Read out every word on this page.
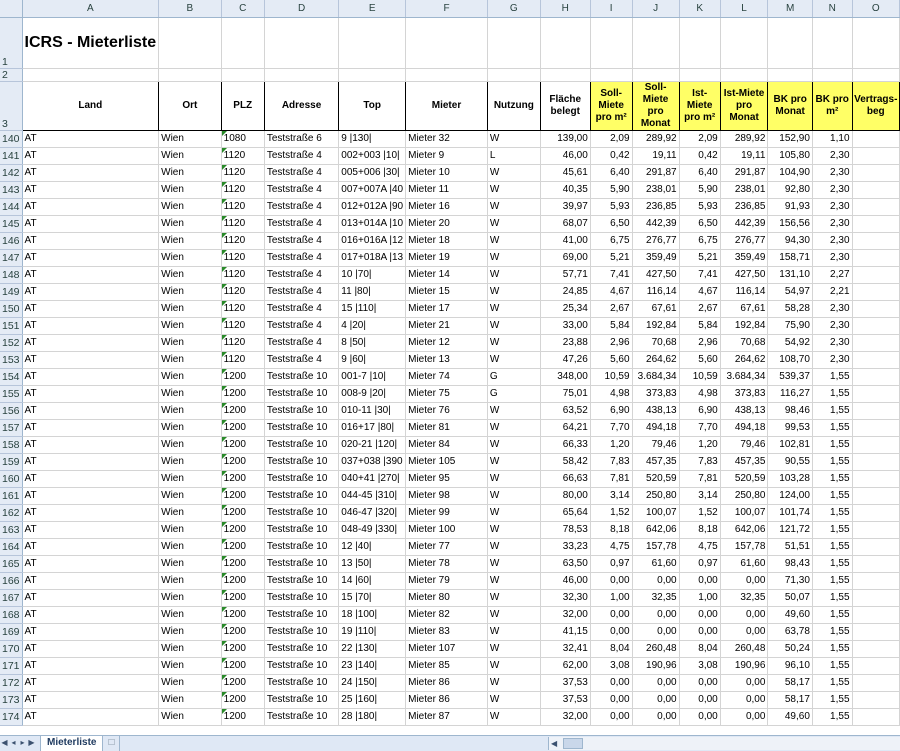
	A	B	C	D	E	F	G	H	I	J	K	L	M	N	O
1	ICRS - Mieterliste														
2															
3	Land	Ort	PLZ	Adresse	Top	Mieter	Nutzung	Fläche belegt	Soll-Miete pro m²	Soll-Miete pro Monat	Ist-Miete pro m²	Ist-Miete pro Monat	BK pro Monat	BK pro m²	Vertrags-beg
140	AT	Wien	1080	Teststraße 6	9 |130|	Mieter 32	W	139,00	2,09	289,92	2,09	289,92	152,90	1,10	
141	AT	Wien	1120	Teststraße 4	002+003 |10|	Mieter 9	L	46,00	0,42	19,11	0,42	19,11	105,80	2,30	
142	AT	Wien	1120	Teststraße 4	005+006 |30|	Mieter 10	W	45,61	6,40	291,87	6,40	291,87	104,90	2,30	
143	AT	Wien	1120	Teststraße 4	007+007A |40	Mieter 11	W	40,35	5,90	238,01	5,90	238,01	92,80	2,30	
144	AT	Wien	1120	Teststraße 4	012+012A |90	Mieter 16	W	39,97	5,93	236,85	5,93	236,85	91,93	2,30	
145	AT	Wien	1120	Teststraße 4	013+014A |10	Mieter 20	W	68,07	6,50	442,39	6,50	442,39	156,56	2,30	
146	AT	Wien	1120	Teststraße 4	016+016A |12	Mieter 18	W	41,00	6,75	276,77	6,75	276,77	94,30	2,30	
147	AT	Wien	1120	Teststraße 4	017+018A |13	Mieter 19	W	69,00	5,21	359,49	5,21	359,49	158,71	2,30	
148	AT	Wien	1120	Teststraße 4	10 |70|	Mieter 14	W	57,71	7,41	427,50	7,41	427,50	131,10	2,27	
149	AT	Wien	1120	Teststraße 4	11 |80|	Mieter 15	W	24,85	4,67	116,14	4,67	116,14	54,97	2,21	
150	AT	Wien	1120	Teststraße 4	15 |110|	Mieter 17	W	25,34	2,67	67,61	2,67	67,61	58,28	2,30	
151	AT	Wien	1120	Teststraße 4	4 |20|	Mieter 21	W	33,00	5,84	192,84	5,84	192,84	75,90	2,30	
152	AT	Wien	1120	Teststraße 4	8 |50|	Mieter 12	W	23,88	2,96	70,68	2,96	70,68	54,92	2,30	
153	AT	Wien	1120	Teststraße 4	9 |60|	Mieter 13	W	47,26	5,60	264,62	5,60	264,62	108,70	2,30	
154	AT	Wien	1200	Teststraße 10	001-7 |10|	Mieter 74	G	348,00	10,59	3.684,34	10,59	3.684,34	539,37	1,55	
155	AT	Wien	1200	Teststraße 10	008-9 |20|	Mieter 75	G	75,01	4,98	373,83	4,98	373,83	116,27	1,55	
156	AT	Wien	1200	Teststraße 10	010-11 |30|	Mieter 76	W	63,52	6,90	438,13	6,90	438,13	98,46	1,55	
157	AT	Wien	1200	Teststraße 10	016+17 |80|	Mieter 81	W	64,21	7,70	494,18	7,70	494,18	99,53	1,55	
158	AT	Wien	1200	Teststraße 10	020-21 |120|	Mieter 84	W	66,33	1,20	79,46	1,20	79,46	102,81	1,55	
159	AT	Wien	1200	Teststraße 10	037+038 |390	Mieter 105	W	58,42	7,83	457,35	7,83	457,35	90,55	1,55	
160	AT	Wien	1200	Teststraße 10	040+41 |270|	Mieter 95	W	66,63	7,81	520,59	7,81	520,59	103,28	1,55	
161	AT	Wien	1200	Teststraße 10	044-45 |310|	Mieter 98	W	80,00	3,14	250,80	3,14	250,80	124,00	1,55	
162	AT	Wien	1200	Teststraße 10	046-47 |320|	Mieter 99	W	65,64	1,52	100,07	1,52	100,07	101,74	1,55	
163	AT	Wien	1200	Teststraße 10	048-49 |330|	Mieter 100	W	78,53	8,18	642,06	8,18	642,06	121,72	1,55	
164	AT	Wien	1200	Teststraße 10	12 |40|	Mieter 77	W	33,23	4,75	157,78	4,75	157,78	51,51	1,55	
165	AT	Wien	1200	Teststraße 10	13 |50|	Mieter 78	W	63,50	0,97	61,60	0,97	61,60	98,43	1,55	
166	AT	Wien	1200	Teststraße 10	14 |60|	Mieter 79	W	46,00	0,00	0,00	0,00	0,00	71,30	1,55	
167	AT	Wien	1200	Teststraße 10	15 |70|	Mieter 80	W	32,30	1,00	32,35	1,00	32,35	50,07	1,55	
168	AT	Wien	1200	Teststraße 10	18 |100|	Mieter 82	W	32,00	0,00	0,00	0,00	0,00	49,60	1,55	
169	AT	Wien	1200	Teststraße 10	19 |110|	Mieter 83	W	41,15	0,00	0,00	0,00	0,00	63,78	1,55	
170	AT	Wien	1200	Teststraße 10	22 |130|	Mieter 107	W	32,41	8,04	260,48	8,04	260,48	50,24	1,55	
171	AT	Wien	1200	Teststraße 10	23 |140|	Mieter 85	W	62,00	3,08	190,96	3,08	190,96	96,10	1,55	
172	AT	Wien	1200	Teststraße 10	24 |150|	Mieter 86	W	37,53	0,00	0,00	0,00	0,00	58,17	1,55	
173	AT	Wien	1200	Teststraße 10	25 |160|	Mieter 86	W	37,53	0,00	0,00	0,00	0,00	58,17	1,55	
174	AT	Wien	1200	Teststraße 10	28 |180|	Mieter 87	W	32,00	0,00	0,00	0,00	0,00	49,60	1,55	
◀ ◂ ▸ ▶	Mieterliste	□	◀
